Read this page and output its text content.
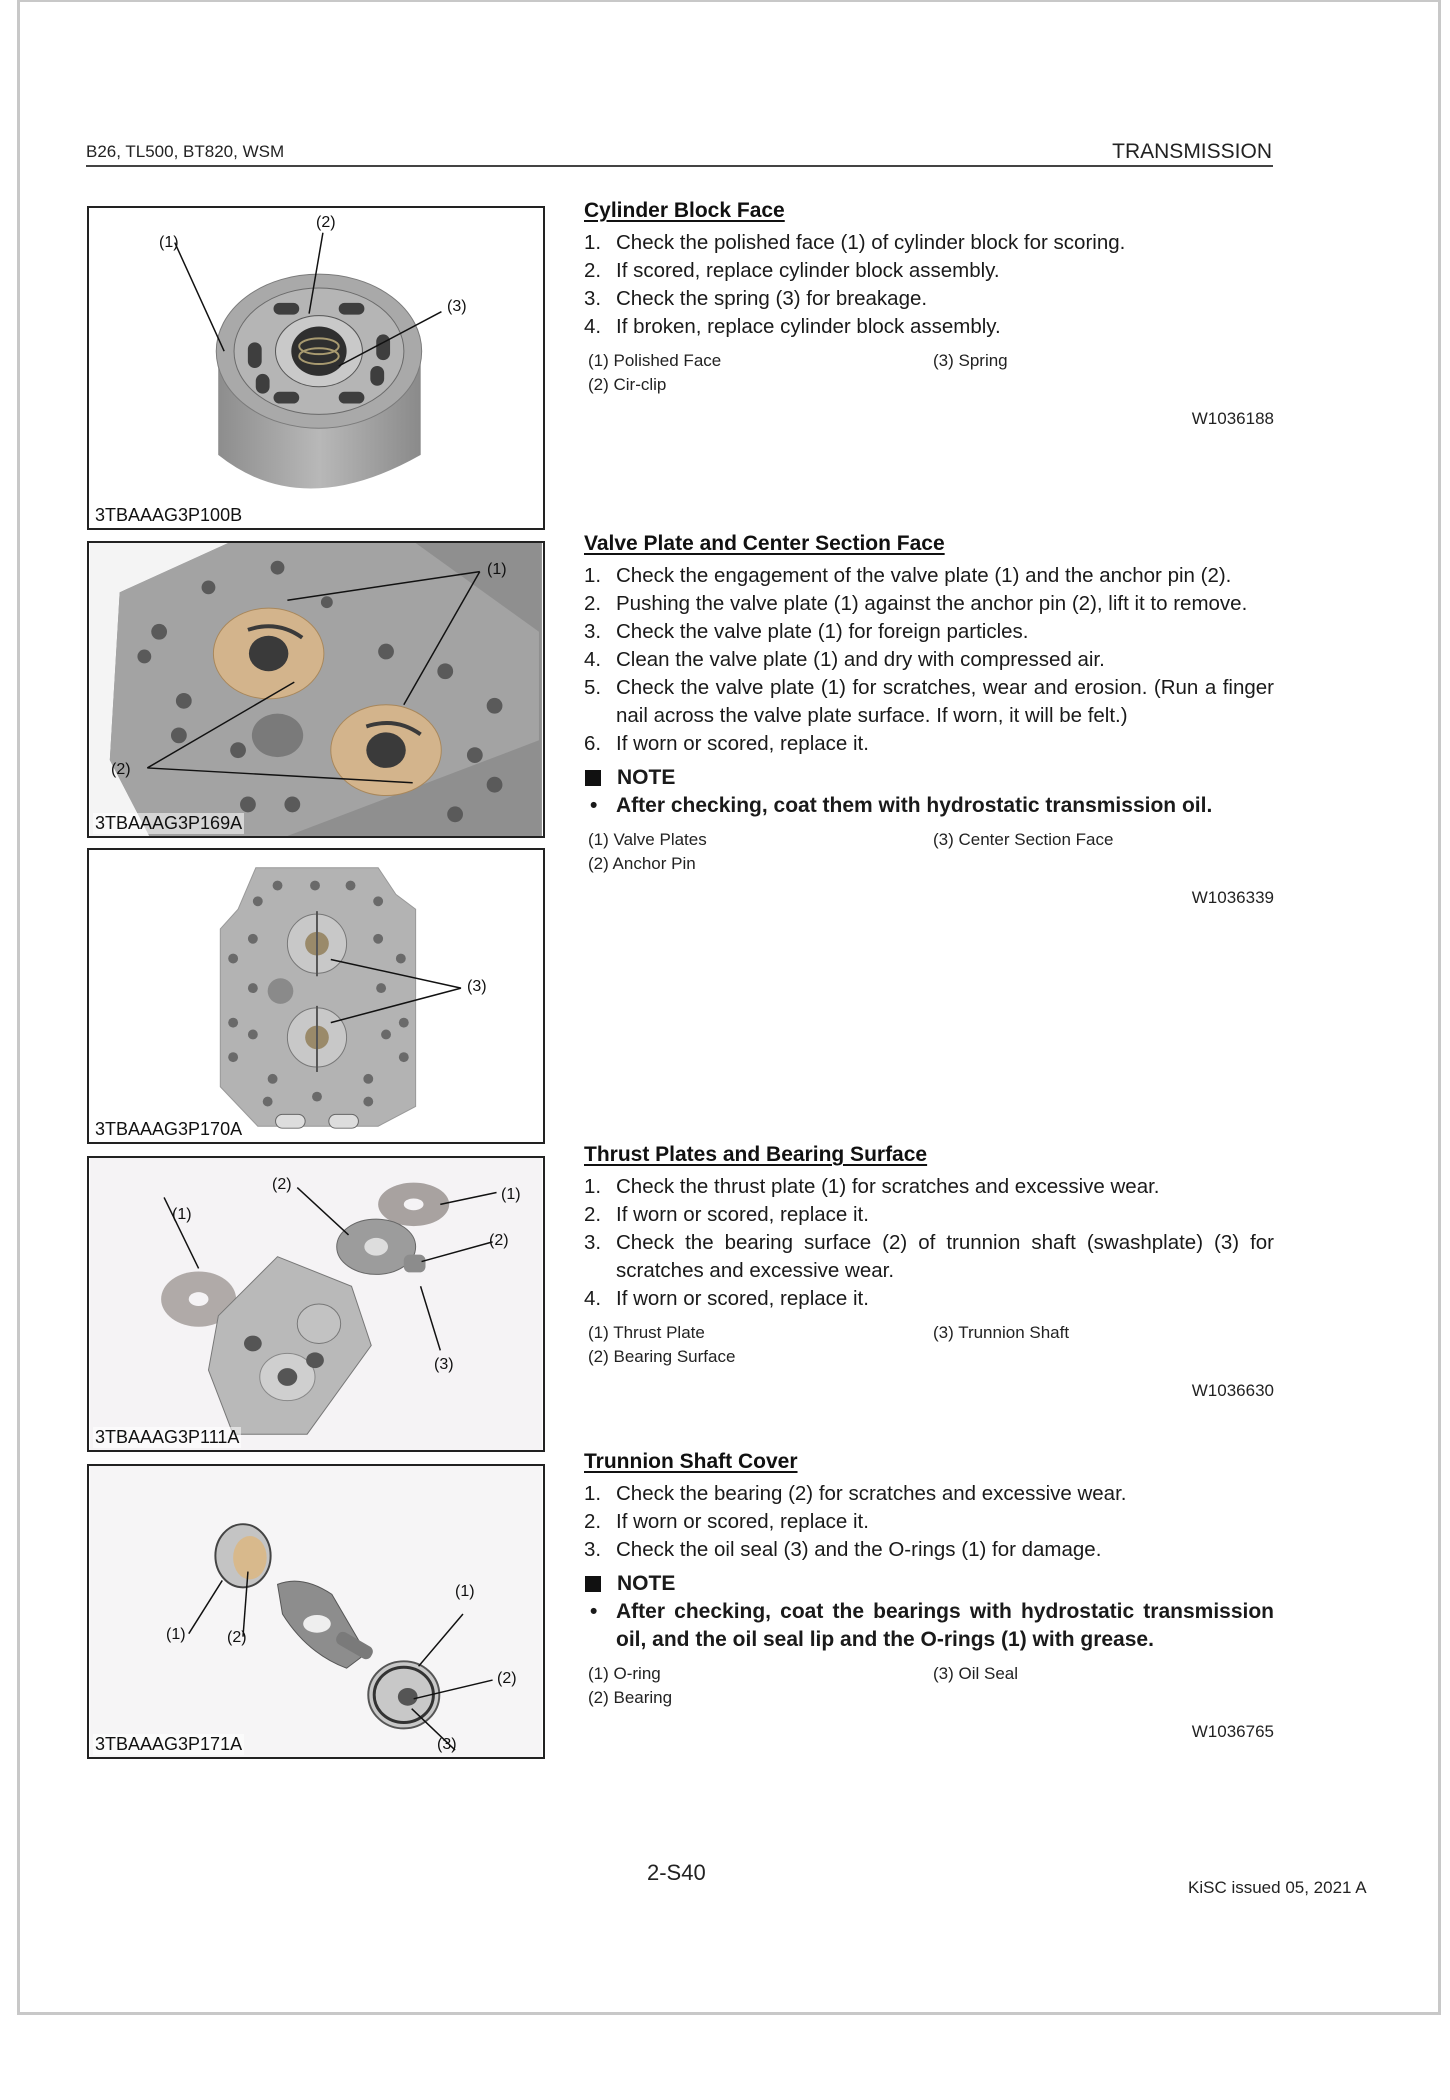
B26, TL500, BT820, WSM	TRANSMISSION
(1)
(2)
(3)
3TBAAAG3P100B
(1)
(2)
3TBAAAG3P169A
(3)
3TBAAAG3P170A
(1)
(2)
(1)
(2)
(3)
3TBAAAG3P111A
(1)	(2)
(1)
(2)
(3)
3TBAAAG3P171A
Cylinder Block Face
1. Check the polished face (1) of cylinder block for scoring.
2. If scored, replace cylinder block assembly.
3. Check the spring (3) for breakage.
4. If broken, replace cylinder block assembly.
(1) Polished Face	(3) Spring
(2) Cir-clip
W1036188
Valve Plate and Center Section Face
1. Check the engagement of the valve plate (1) and the anchor pin (2).
2. Pushing the valve plate (1) against the anchor pin (2), lift it to remove.
3. Check the valve plate (1) for foreign particles.
4. Clean the valve plate (1) and dry with compressed air.
5. Check the valve plate (1) for scratches, wear and erosion. (Run a finger nail across the valve plate surface. If worn, it will be felt.)
6. If worn or scored, replace it.
NOTE
• After checking, coat them with hydrostatic transmission oil.
(1) Valve Plates	(3) Center Section Face
(2) Anchor Pin
W1036339
Thrust Plates and Bearing Surface
1. Check the thrust plate (1) for scratches and excessive wear.
2. If worn or scored, replace it.
3. Check the bearing surface (2) of trunnion shaft (swashplate) (3) for scratches and excessive wear.
4. If worn or scored, replace it.
(1) Thrust Plate	(3) Trunnion Shaft
(2) Bearing Surface
W1036630
Trunnion Shaft Cover
1. Check the bearing (2) for scratches and excessive wear.
2. If worn or scored, replace it.
3. Check the oil seal (3) and the O-rings (1) for damage.
NOTE
• After checking, coat the bearings with hydrostatic transmission oil, and the oil seal lip and the O-rings (1) with grease.
(1) O-ring	(3) Oil Seal
(2) Bearing
W1036765
2-S40
KiSC issued 05, 2021 A
